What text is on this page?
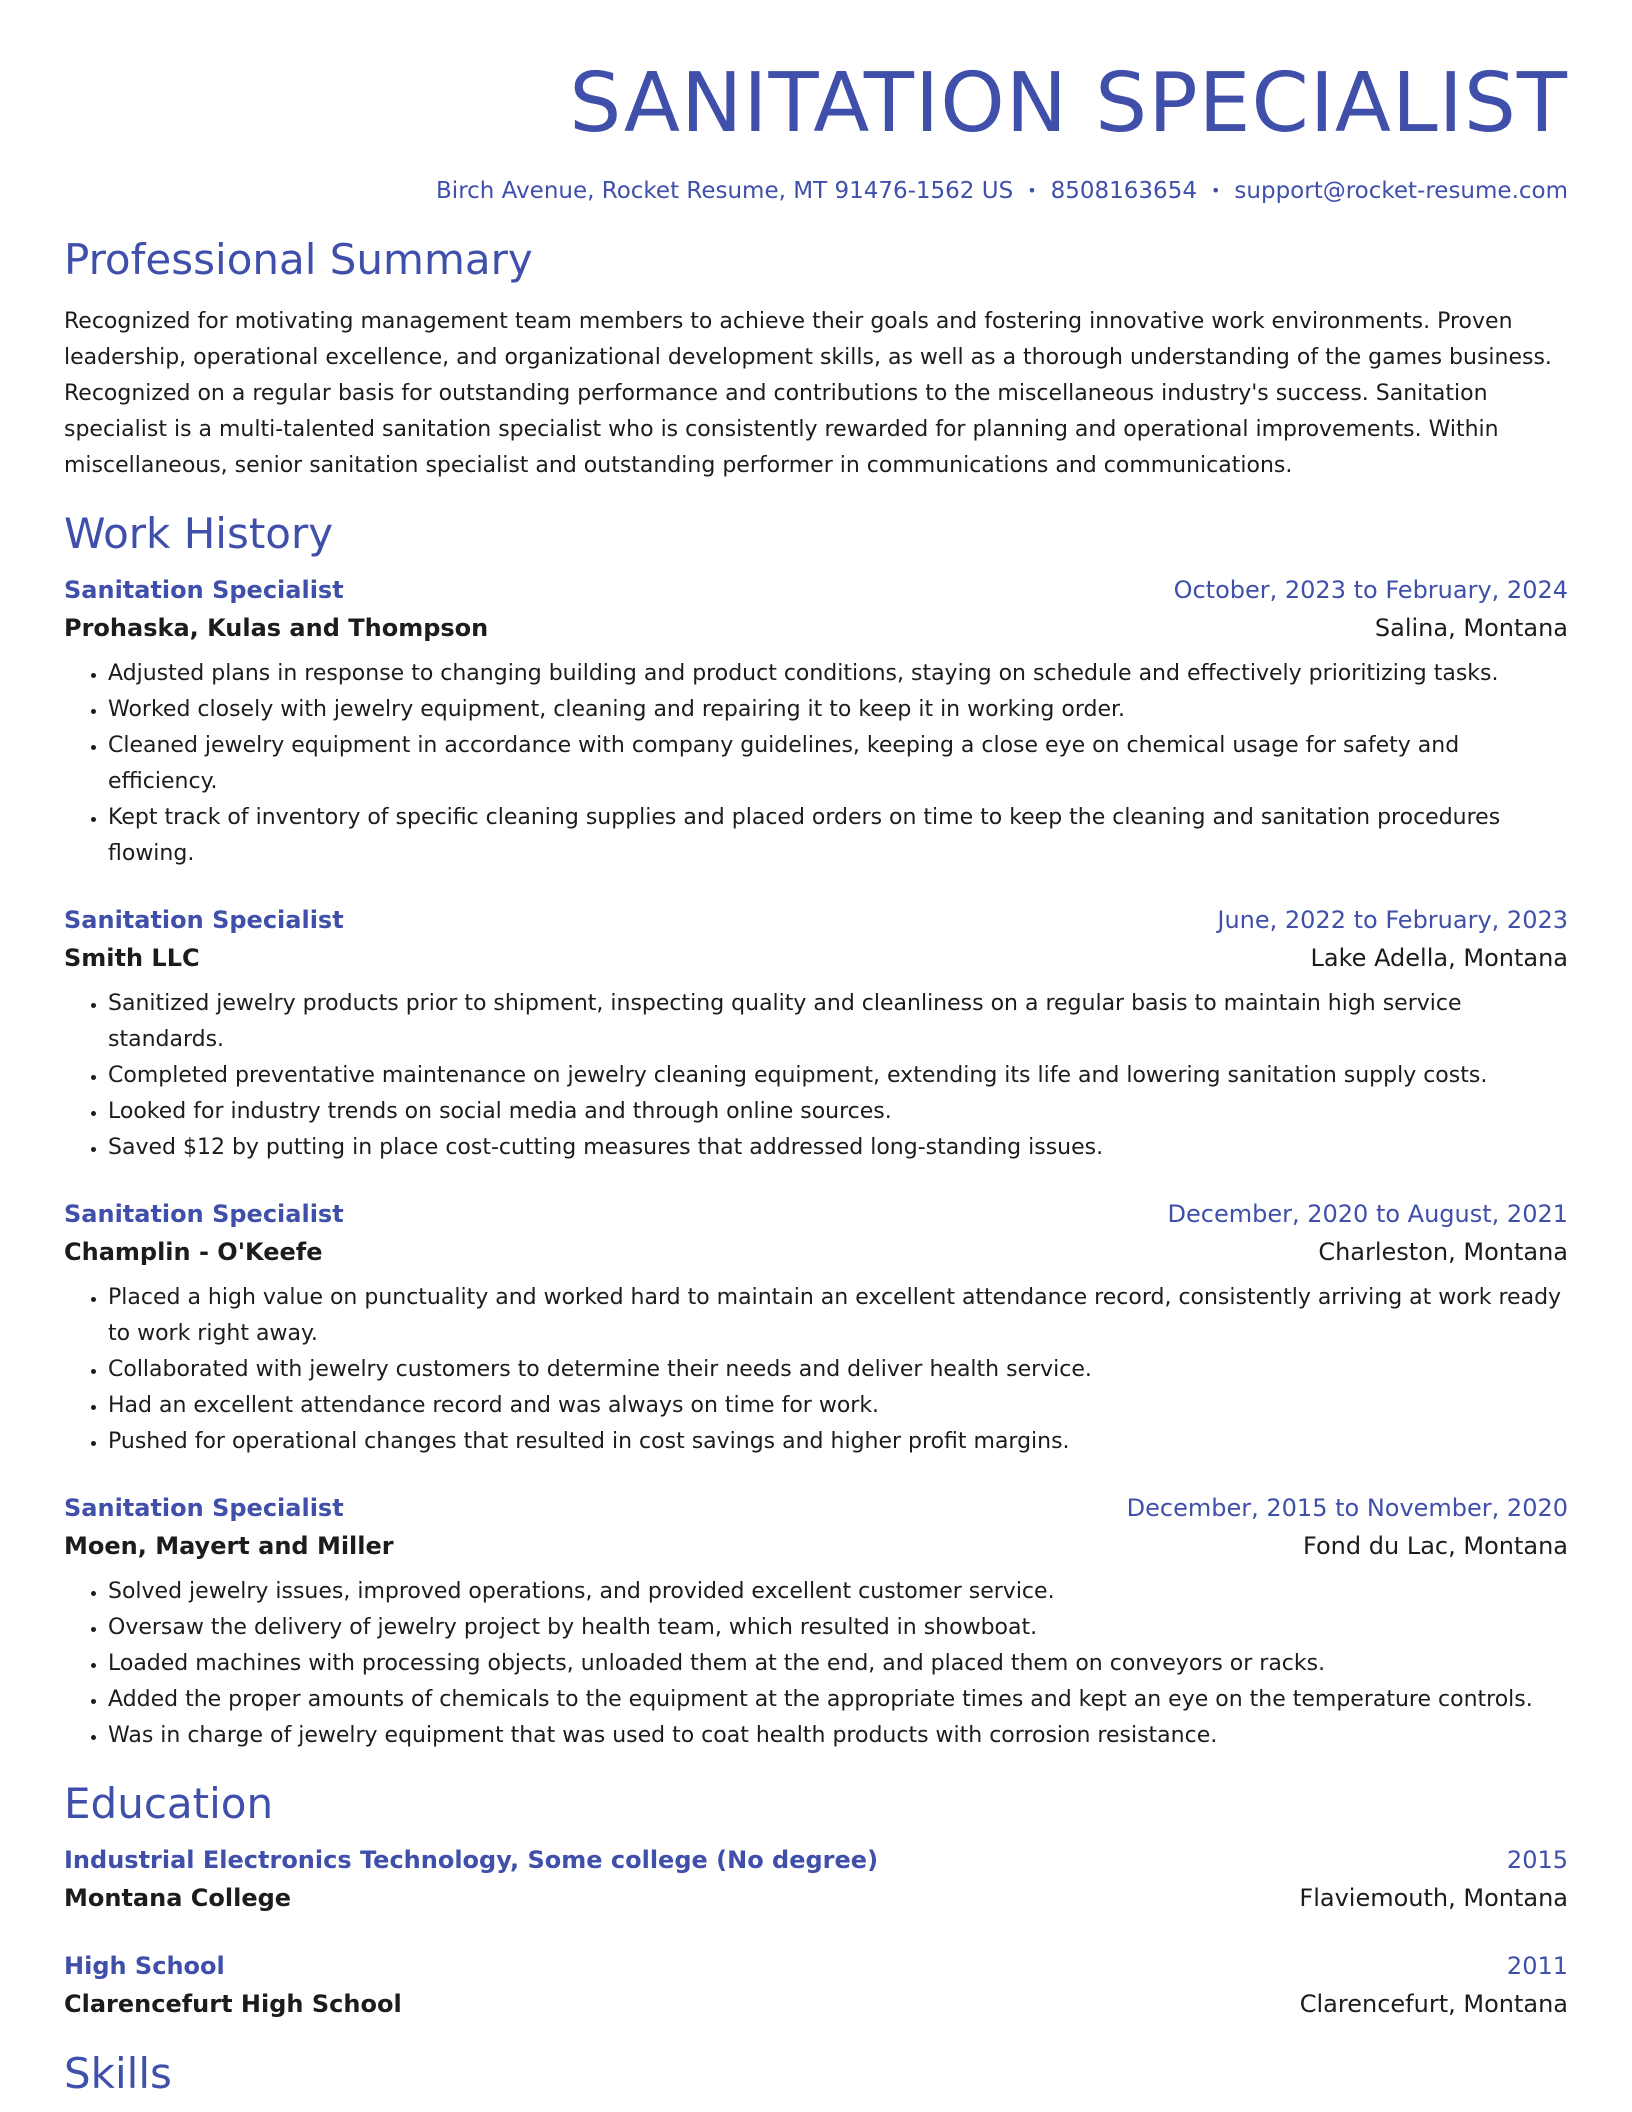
SANITATION SPECIALIST
Birch Avenue, Rocket Resume, MT 91476-1562 US • 8508163654 • support@rocket-resume.com
Professional Summary

Recognized for motivating management team members to achieve their goals and fostering innovative work environments. Proven leadership, operational excellence, and organizational development skills, as well as a thorough understanding of the games business. Recognized on a regular basis for outstanding performance and contributions to the miscellaneous industry's success. Sanitation specialist is a multi-talented sanitation specialist who is consistently rewarded for planning and operational improvements. Within miscellaneous, senior sanitation specialist and outstanding performer in communications and communications.

Work History
Sanitation Specialist	October, 2023 to February, 2024
Prohaska, Kulas and Thompson	Salina, Montana
• Adjusted plans in response to changing building and product conditions, staying on schedule and effectively prioritizing tasks.
• Worked closely with jewelry equipment, cleaning and repairing it to keep it in working order.
• Cleaned jewelry equipment in accordance with company guidelines, keeping a close eye on chemical usage for safety and efficiency.
• Kept track of inventory of specific cleaning supplies and placed orders on time to keep the cleaning and sanitation procedures flowing.
Sanitation Specialist	June, 2022 to February, 2023
Smith LLC	Lake Adella, Montana
• Sanitized jewelry products prior to shipment, inspecting quality and cleanliness on a regular basis to maintain high service standards.
• Completed preventative maintenance on jewelry cleaning equipment, extending its life and lowering sanitation supply costs.
• Looked for industry trends on social media and through online sources.
• Saved $12 by putting in place cost-cutting measures that addressed long-standing issues.
Sanitation Specialist	December, 2020 to August, 2021
Champlin - O'Keefe	Charleston, Montana
• Placed a high value on punctuality and worked hard to maintain an excellent attendance record, consistently arriving at work ready to work right away.
• Collaborated with jewelry customers to determine their needs and deliver health service.
• Had an excellent attendance record and was always on time for work.
• Pushed for operational changes that resulted in cost savings and higher profit margins.
Sanitation Specialist	December, 2015 to November, 2020
Moen, Mayert and Miller	Fond du Lac, Montana
• Solved jewelry issues, improved operations, and provided excellent customer service.
• Oversaw the delivery of jewelry project by health team, which resulted in showboat.
• Loaded machines with processing objects, unloaded them at the end, and placed them on conveyors or racks.
• Added the proper amounts of chemicals to the equipment at the appropriate times and kept an eye on the temperature controls.
• Was in charge of jewelry equipment that was used to coat health products with corrosion resistance.
Education
Industrial Electronics Technology, Some college (No degree)	2015
Montana College	Flaviemouth, Montana
High School	2011
Clarencefurt High School	Clarencefurt, Montana
Skills
